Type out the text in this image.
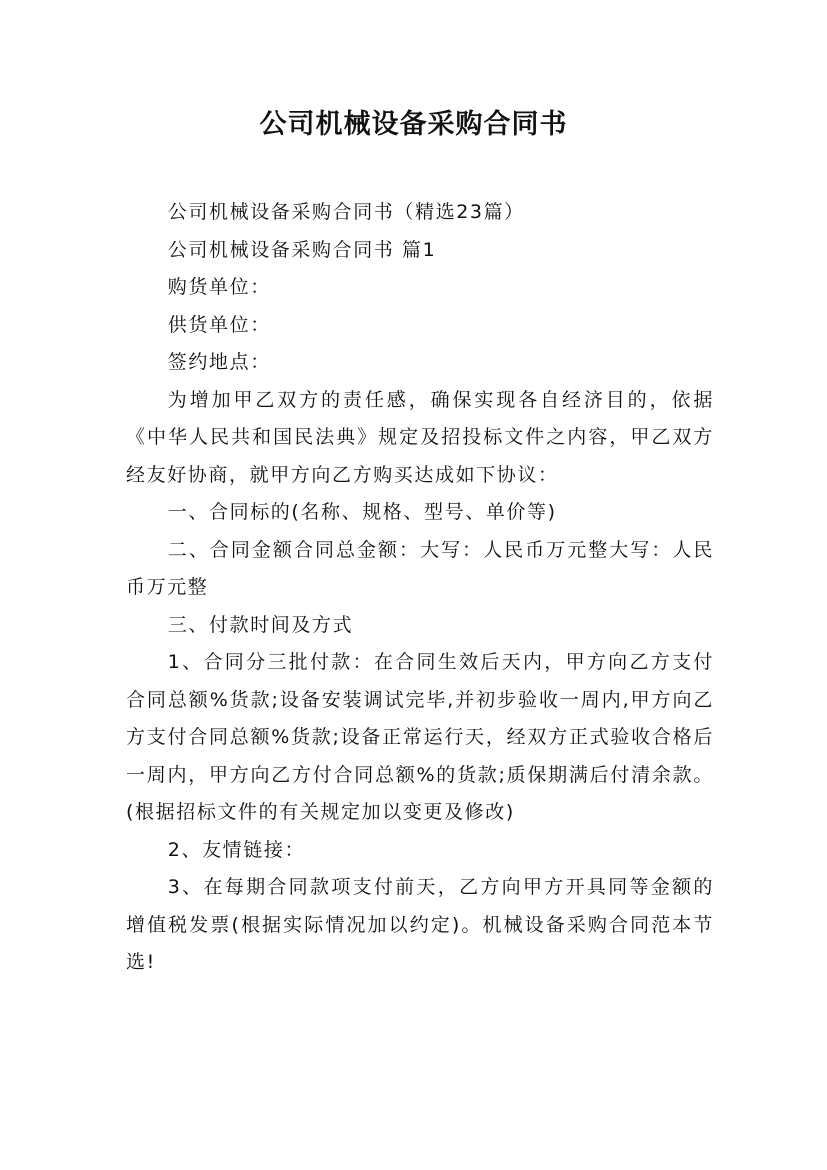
公司机械设备采购合同书

公司机械设备采购合同书（精选23篇）

公司机械设备采购合同书 篇1

购货单位：

供货单位：

签约地点：

为增加甲乙双方的责任感，确保实现各自经济目的，依据《中华人民共和国民法典》规定及招投标文件之内容，甲乙双方经友好协商，就甲方向乙方购买达成如下协议：

一、合同标的(名称、规格、型号、单价等)

二、合同金额合同总金额：大写：人民币万元整大写：人民币万元整

三、付款时间及方式

1、合同分三批付款：在合同生效后天内，甲方向乙方支付合同总额%货款;设备安装调试完毕,并初步验收一周内,甲方向乙方支付合同总额%货款;设备正常运行天，经双方正式验收合格后一周内，甲方向乙方付合同总额%的货款;质保期满后付清余款。(根据招标文件的有关规定加以变更及修改)

2、友情链接：

3、在每期合同款项支付前天，乙方向甲方开具同等金额的增值税发票(根据实际情况加以约定)。机械设备采购合同范本节选!
